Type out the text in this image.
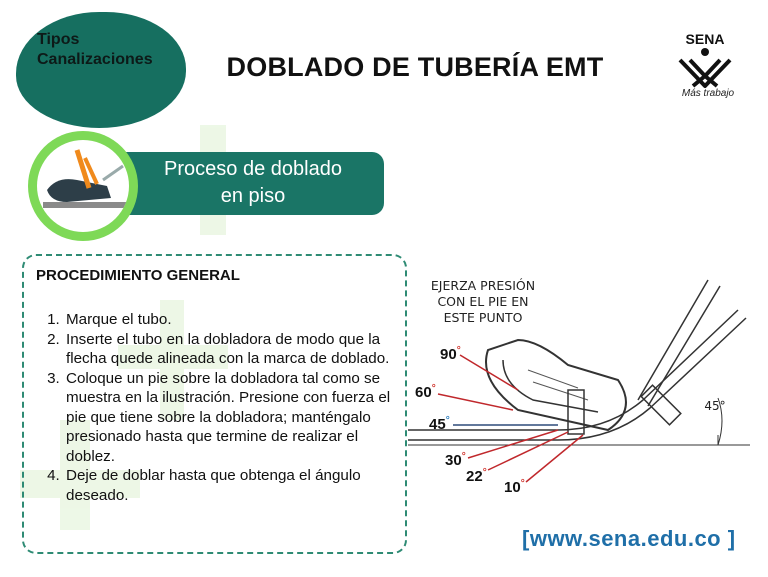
Tipos
Canalizaciones	DOBLADO DE TUBERÍA EMT
SENA
Más trabajo
Proceso de doblado
en piso
PROCEDIMIENTO GENERAL
1. Marque el tubo.
2. Inserte el tubo en la dobladora de modo que la flecha quede alineada con la marca de doblado.
3. Coloque un pie sobre la dobladora tal como se muestra en la ilustración. Presione con fuerza el pie que tiene sobre la dobladora; manténgalo presionado hasta que termine de realizar el doblez.
4. Deje de doblar hasta que obtenga el ángulo deseado.
EJERZA PRESIÓN
CON EL PIE EN
ESTE PUNTO
90°
60°
45°
30°
22°
10°
45°
[www.sena.edu.co ]
